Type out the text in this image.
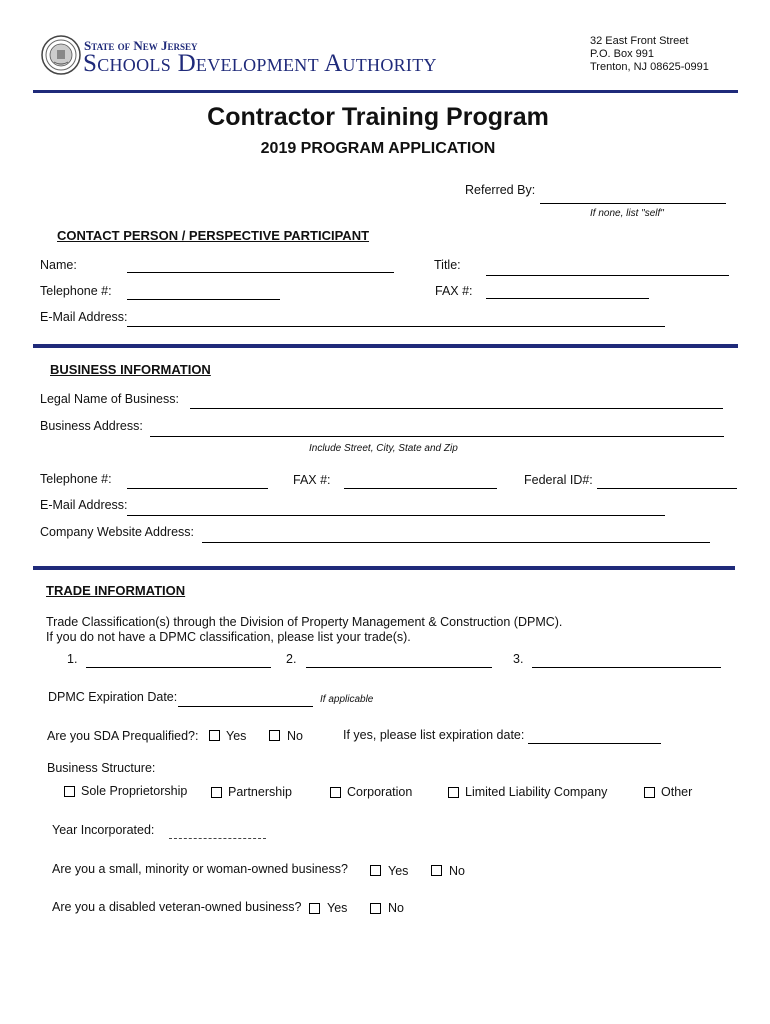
State of New Jersey
Schools Development Authority
32 East Front Street
P.O. Box 991
Trenton, NJ 08625-0991
Contractor Training Program
2019 PROGRAM APPLICATION
Referred By:
If none, list "self"
CONTACT PERSON / PERSPECTIVE PARTICIPANT
Name:	Title:
Telephone #:	FAX #:
E-Mail Address:
BUSINESS INFORMATION
Legal Name of Business:
Business Address:
Include Street, City, State and Zip
Telephone #:	FAX #:	Federal ID#:
E-Mail Address:
Company Website Address:
TRADE INFORMATION
Trade Classification(s) through the Division of Property Management & Construction (DPMC).
If you do not have a DPMC classification, please list your trade(s).
1.	2.	3.
DPMC Expiration Date:	If applicable
Are you SDA Prequalified?: Yes	No	If yes, please list expiration date:
Business Structure:
Sole Proprietorship	Partnership	Corporation	Limited Liability Company	Other
Year Incorporated:
Are you a small, minority or woman-owned business?	Yes	No
Are you a disabled veteran-owned business? Yes	No
